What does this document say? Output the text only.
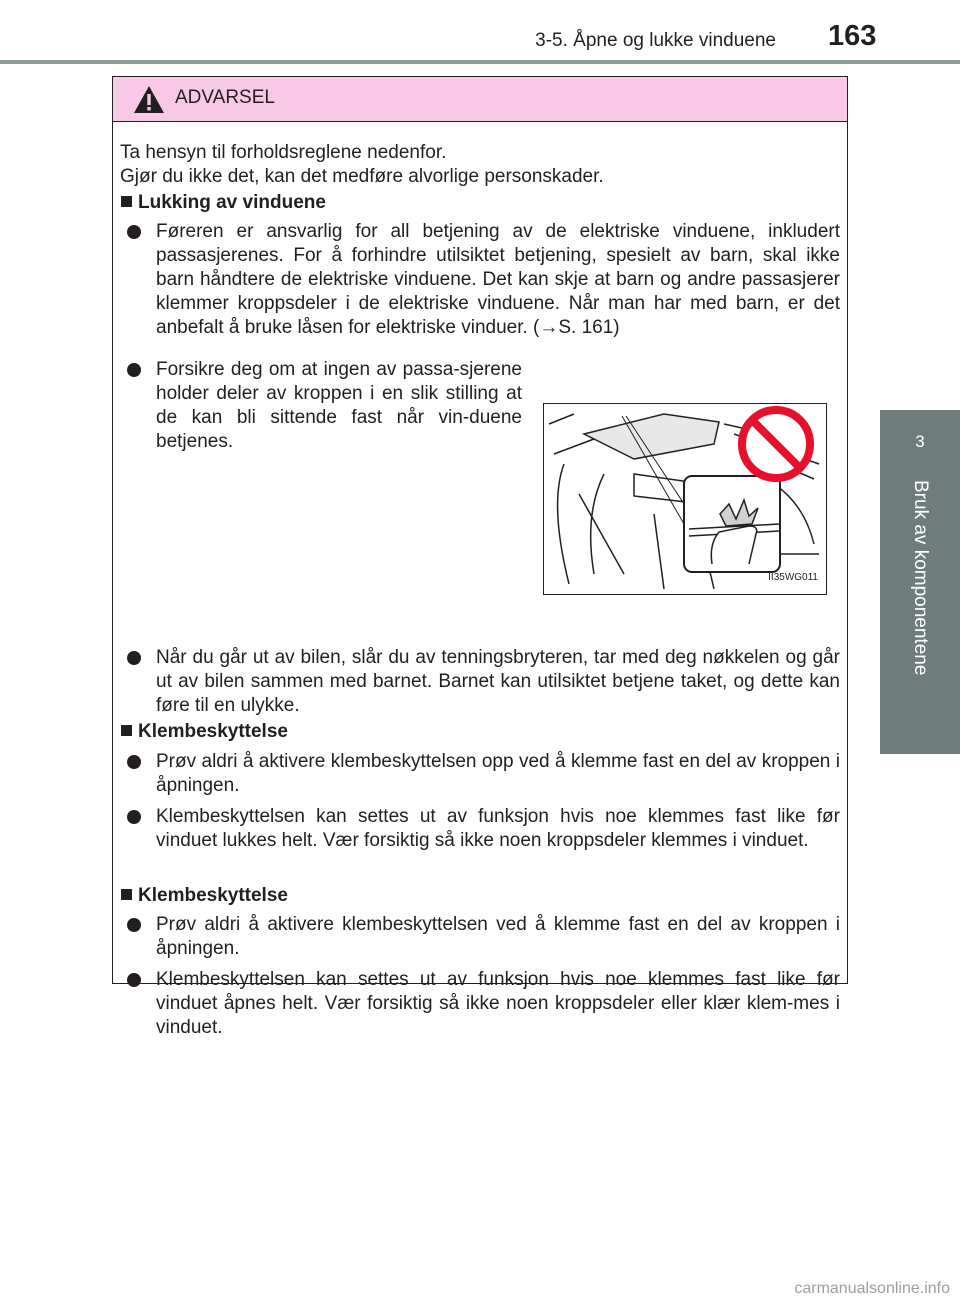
3-5. Åpne og lukke vinduene 163
3
Bruk av komponentene
ADVARSEL
Ta hensyn til forholdsreglene nedenfor.
Gjør du ikke det, kan det medføre alvorlige personskader.
Lukking av vinduene
Føreren er ansvarlig for all betjening av de elektriske vinduene, inkludert passasjerenes. For å forhindre utilsiktet betjening, spesielt av barn, skal ikke barn håndtere de elektriske vinduene. Det kan skje at barn og andre passasjerer klemmer kroppsdeler i de elektriske vinduene. Når man har med barn, er det anbefalt å bruke låsen for elektriske vinduer. (→S. 161)
Forsikre deg om at ingen av passa-sjerene holder deler av kroppen i en slik stilling at de kan bli sittende fast når vin-duene betjenes.
II35WG011
Når du går ut av bilen, slår du av tenningsbryteren, tar med deg nøkkelen og går ut av bilen sammen med barnet. Barnet kan utilsiktet betjene taket, og dette kan føre til en ulykke.
Klembeskyttelse
Prøv aldri å aktivere klembeskyttelsen opp ved å klemme fast en del av kroppen i åpningen.
Klembeskyttelsen kan settes ut av funksjon hvis noe klemmes fast like før vinduet lukkes helt. Vær forsiktig så ikke noen kroppsdeler klemmes i vinduet.
Klembeskyttelse
Prøv aldri å aktivere klembeskyttelsen ved å klemme fast en del av kroppen i åpningen.
Klembeskyttelsen kan settes ut av funksjon hvis noe klemmes fast like før vinduet åpnes helt. Vær forsiktig så ikke noen kroppsdeler eller klær klem-mes i vinduet.
carmanualsonline.info
